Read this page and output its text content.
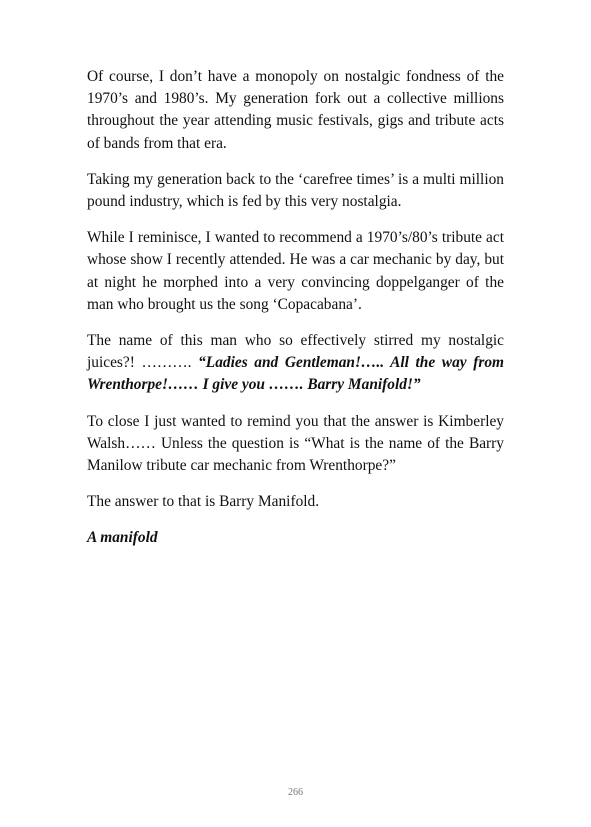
Of course, I don’t have a monopoly on nostalgic fondness of the 1970’s and 1980’s. My generation fork out a collective millions throughout the year attending music festivals, gigs and tribute acts of bands from that era.

Taking my generation back to the ‘carefree times’ is a multi million pound industry, which is fed by this very nostalgia.

While I reminisce, I wanted to recommend a 1970’s/80’s tribute act whose show I recently attended. He was a car mechanic by day, but at night he morphed into a very convincing doppelganger of the man who brought us the song ‘Copacabana’.

The name of this man who so effectively stirred my nostalgic juices?! ………. “Ladies and Gentleman!….. All the way from Wrenthorpe!…… I give you ……. Barry Manifold!”

To close I just wanted to remind you that the answer is Kimberley Walsh…… Unless the question is “What is the name of the Barry Manilow tribute car mechanic from Wrenthorpe?”

The answer to that is Barry Manifold.

A manifold

266
